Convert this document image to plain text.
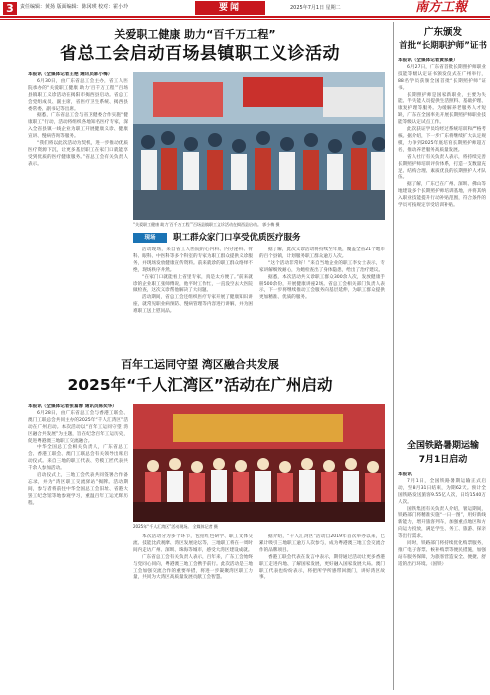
3	责任编辑：黄扬 版面编辑：陈冈瑛 校对：霍小玲	要闻	2025年7月1日 星期二	南方工報
关爱职工健康 助力“百千万工程”
省总工会启动百场县镇职工义诊活动

本报讯（全媒体记者王艳 通讯员郭小梅）

6月30日，由广东省总工会主办，省工人医院承办的“关爱职工健康 助力‘百千万工程’”百场县镇职工义诊活动在揭阳市揭西县启动。省总工会党组成员、副主席，省医疗卫生系统、揭西县委常委、副书记等出席。

据悉，广东省总工会与省卫健委合作实施“健康职工”行动，活动将组织各地知名医疗专家，深入全省县镇一线企业为职工开展健康义诊、健康宣讲、慢病咨询等服务。

“我们将以此次活动为契机，进一步推动优质医疗资源下沉，让更多基层职工在家门口就能享受到优质的医疗健康服务。”省总工会有关负责人表示。

“关爱职工健康 助力‘百千万工程’”百场县镇职工义诊活动在揭西县启动。 郭小梅 摄
现场	职工群众家门口享受优质医疗服务

活动现场，来自省工人医院的心内科、内分泌科、骨科、眼科、中医科等多个科室的专家为职工群众提供义诊服务，并现场发放健康宣传资料。前来就诊的职工群众络绎不绝，现场秩序井然。

“在家门口就能看上省里专家，真是太方便了。”前来就诊的企业职工张师傅说，他平时工作忙，一直没空去大医院做检查，这次义诊帮他解决了大问题。

活动期间，省总工会还组织医疗专家开展了健康知识讲座，就常见职业病预防、慢病管理等内容进行讲解，并为困难职工送上慰问品。

据了解，此次义诊活动将持续至年底，覆盖全省21个地市的百个县镇，计划服务职工群众逾万人次。

“这个活动非常好！”来自当地企业的职工李女士表示，专家讲解细致耐心，为她检查出了身体隐患，给出了治疗建议。

据悉，本次活动共义诊职工群众300余人次，发放健康手册500余份，开展健康讲座2场。省总工会相关部门负责人表示，下一步将继续推动工会服务向基层延伸，为职工群众提供更加精准、优质的服务。

百年工运同守望 湾区融合共发展
2025年“千人汇湾区”活动在广州启动

本报讯（全媒体记者张富蓉 通讯员陈奕华）

6月28日，由广东省总工会与香港工联会、澳门工联总会共同主办的2025年“千人汇湾区”活动在广州启动。本次活动以“百年工运同守望 湾区融合共发展”为主题，旨在纪念百年工运历史，促进粤港澳三地职工交流融合。

中华全国总工会相关负责人，广东省总工会、香港工联会、澳门工联总会有关领导出席启动仪式。来自三地的职工代表、劳模工匠代表共千余人参加活动。

启动仪式上，三地工会代表共同签署合作备忘录，并为“湾区职工交流驿站”揭牌。活动期间，参与者将前往中华全国总工会旧址、省港大罢工纪念馆等地参观学习，重温百年工运光辉历程。

2025年“千人汇湾区”活动现场。 全媒体记者 摄

本次活动分为多个环节，包括红色研学、职工文体交流、技能比武观摩、湾区发展论坛等，三地职工将在一周时间内走访广州、深圳、珠海等城市，感受大湾区建设成就。

广东省总工会有关负责人表示，百年来，广东工会始终与党同心同向，粤港澳三地工会携手前行。此次活动是三地工会加强交流合作的重要举措，将进一步凝聚湾区职工力量，共同为大湾区高质量发展贡献工会智慧。

据介绍，“千人汇湾区”活动自2019年首次举办以来，已累计吸引三地职工逾万人次参与，成为粤港澳三地工会交流合作的品牌项目。

香港工联会代表在发言中表示，期待通过活动让更多香港职工走进内地、了解国家发展，更好融入国家发展大局。澳门职工代表也纷纷表示，将把所学所感带回澳门，讲好湾区故事。

广东颁发
首批“长期职护师”证书

本报讯（全媒体记者黄家豪）

6月27日，广东省首批长期照护师职业技能等级认定证书颁发仪式在广州举行，88名学员获颁全国首批“长期照护师”证书。

长期照护师是国家新职业，主要为失能、半失能人员提供生活照料、基础护理、康复护理等服务。为缓解养老服务人才短缺，广东在全国率先开展长期照护师职业技能等级认定试点工作。

此次获证学员均经过系统培训和严格考核。据介绍，下一步广东将继续扩大认定规模，力争到2025年底培育长期照护师超万名，推动养老服务高质量发展。

省人社厅有关负责人表示，将持续完善长期照护师培训评价体系，打造一支数量充足、结构合理、素质优良的长期照护人才队伍。

据了解，广东已在广州、深圳、佛山等地建设多个长期照护师培训基地，并将其纳入职业技能提升行动补贴范围，符合条件的学员可按规定享受培训补贴。

全国铁路暑期运输
7月1日启动

本报讯

7月1日，全国铁路暑期运输正式启动，至8月31日结束，为期62天。预计全国铁路发送旅客9.55亿人次，日均1540万人次。

国铁集团有关负责人介绍，暑运期间，铁路部门将精准实施“一日一图”，用好新线新能力，增开旅客列车，加强重点地区和方向运力投放，满足学生、务工、旅游、探亲等出行需求。

同时，铁路部门将持续优化购票服务，推广电子客票、候补购票等便民措施，加强站车服务保障，为旅客营造安全、便捷、舒适的出行环境。（国铁）
